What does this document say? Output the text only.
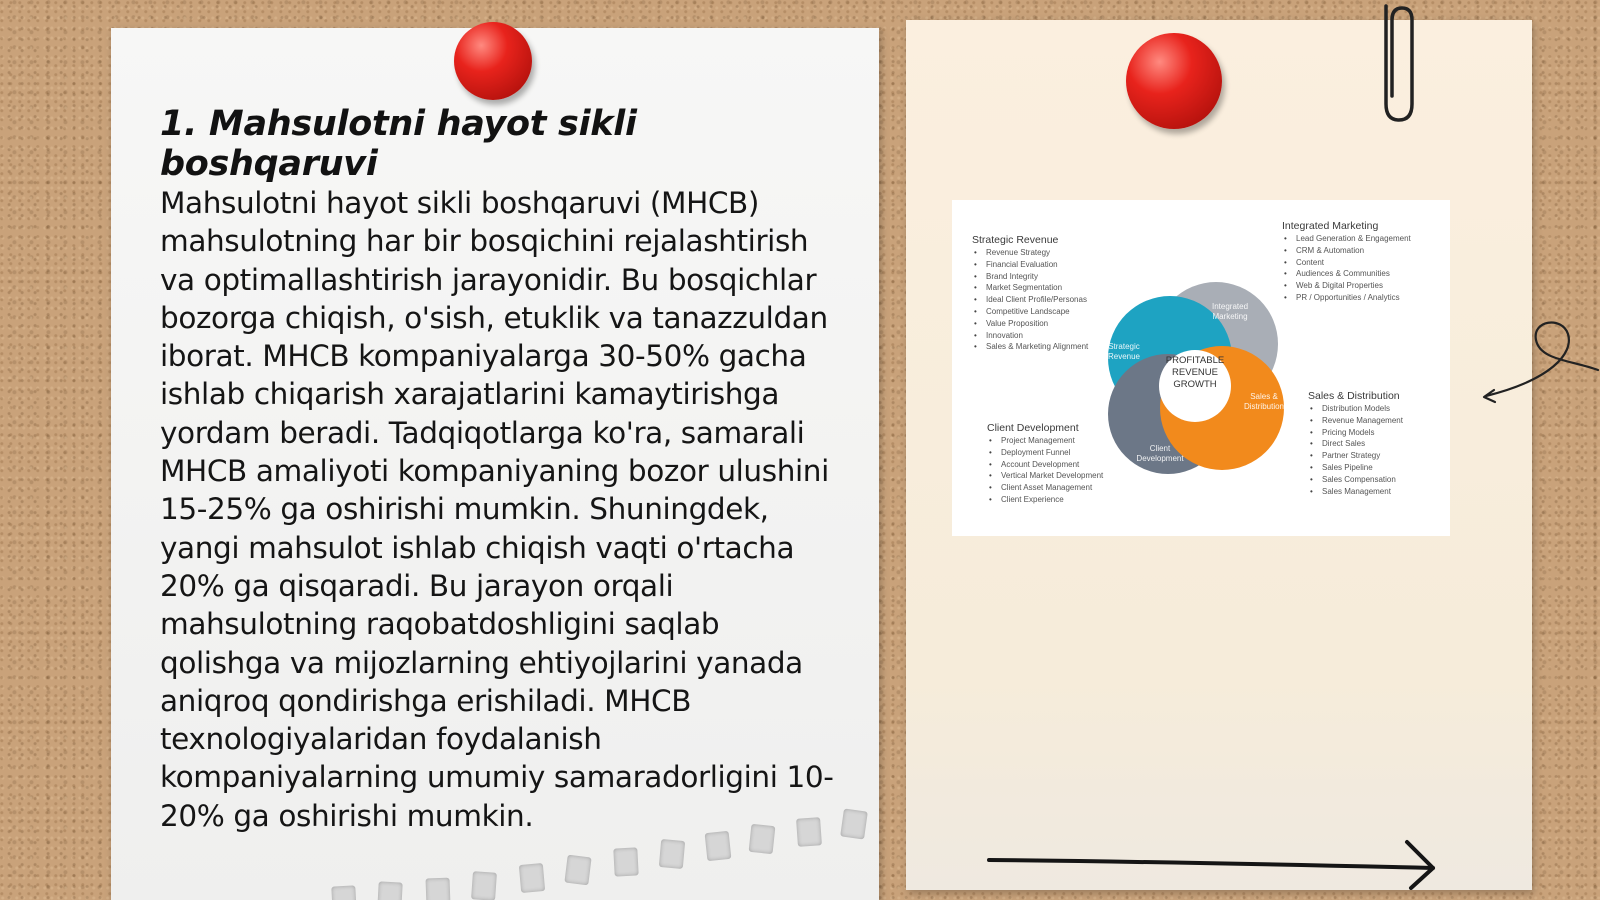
1. Mahsulotni hayot sikli boshqaruvi

Mahsulotni hayot sikli boshqaruvi (MHCB) mahsulotning har bir bosqichini rejalashtirish va optimallashtirish jarayonidir. Bu bosqichlar bozorga chiqish, o'sish, etuklik va tanazzuldan iborat. MHCB kompaniyalarga 30-50% gacha ishlab chiqarish xarajatlarini kamaytirishga yordam beradi. Tadqiqotlarga ko'ra, samarali MHCB amaliyoti kompaniyaning bozor ulushini 15-25% ga oshirishi mumkin. Shuningdek, yangi mahsulot ishlab chiqish vaqti o'rtacha 20% ga qisqaradi. Bu jarayon orqali mahsulotning raqobatdoshligini saqlab qolishga va mijozlarning ehtiyojlarini yanada aniqroq qondirishga erishiladi. MHCB texnologiyalaridan foydalanish kompaniyalarning umumiy samaradorligini 10-20% ga oshirishi mumkin.

Strategic Revenue
• Revenue Strategy
• Financial Evaluation
• Brand Integrity
• Market Segmentation
• Ideal Client Profile/Personas
• Competitive Landscape
• Value Proposition
• Innovation
• Sales & Marketing Alignment
Integrated Marketing
• Lead Generation & Engagement
• CRM & Automation
• Content
• Audiences & Communities
• Web & Digital Properties
• PR / Opportunities / Analytics
Sales & Distribution
• Distribution Models
• Revenue Management
• Pricing Models
• Direct Sales
• Partner Strategy
• Sales Pipeline
• Sales Compensation
• Sales Management
Client Development
• Project Management
• Deployment Funnel
• Account Development
• Vertical Market Development
• Client Asset Management
• Client Experience
PROFITABLE
REVENUE
GROWTH
Strategic
Revenue
Integrated
Marketing
Sales &
Distribution
Client
Development
